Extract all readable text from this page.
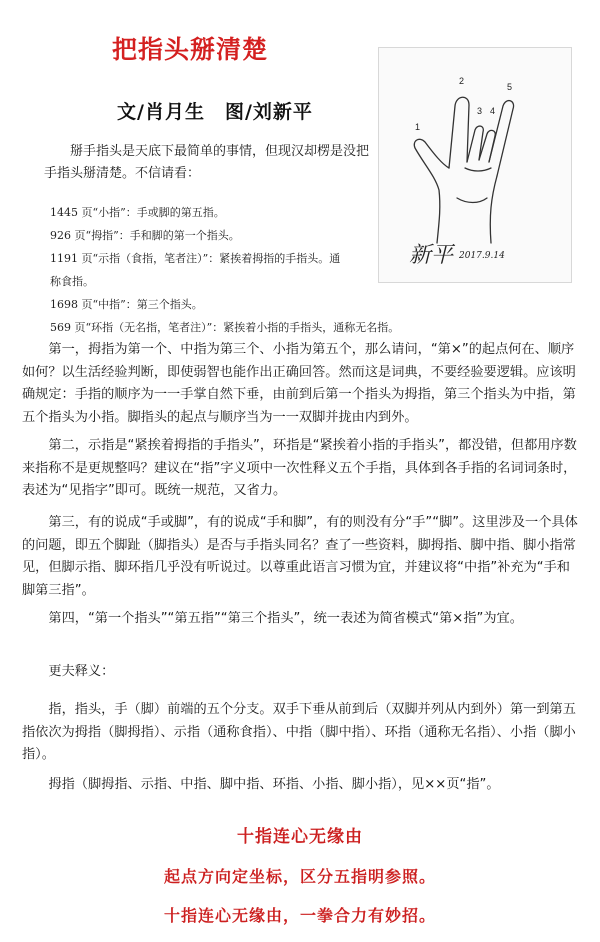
把指头掰清楚
文/肖月生　图/刘新平
掰手指头是天底下最简单的事情，但现汉却楞是没把手指头掰清楚。不信请看：
1445 页“小指”：手或脚的第五指。
926 页“拇指”：手和脚的第一个指头。
1191 页“示指（食指，笔者注）”：紧挨着拇指的手指头。通称食指。
1698 页“中指”：第三个指头。
569 页“环指（无名指，笔者注）”：紧挨着小指的手指头，通称无名指。
1
2
3 4
5
新平 2017.9.14

第一，拇指为第一个、中指为第三个、小指为第五个，那么请问，“第×”的起点何在、顺序如何？以生活经验判断，即使弱智也能作出正确回答。然而这是词典，不要经验要逻辑。应该明确规定：手指的顺序为一一手掌自然下垂，由前到后第一个指头为拇指，第三个指头为中指，第五个指头为小指。脚指头的起点与顺序当为一一双脚并拢由内到外。

第二，示指是“紧挨着拇指的手指头”，环指是“紧挨着小指的手指头”，都没错，但都用序数来指称不是更规整吗？建议在“指”字义项中一次性释义五个手指，具体到各手指的名词词条时，表述为“见指字”即可。既统一规范，又省力。

第三，有的说成“手或脚”，有的说成“手和脚”，有的则没有分“手”“脚”。这里涉及一个具体的问题，即五个脚趾（脚指头）是否与手指头同名？查了一些资料，脚拇指、脚中指、脚小指常见，但脚示指、脚环指几乎没有听说过。以尊重此语言习惯为宜，并建议将“中指”补充为“手和脚第三指”。

第四，“第一个指头”“第五指”“第三个指头”，统一表述为简省模式“第×指”为宜。

更夫释义：

指，指头，手（脚）前端的五个分支。双手下垂从前到后（双脚并列从内到外）第一到第五指依次为拇指（脚拇指）、示指（通称食指）、中指（脚中指）、环指（通称无名指）、小指（脚小指）。

拇指（脚拇指、示指、中指、脚中指、环指、小指、脚小指），见××页“指”。

十指连心无缘由
起点方向定坐标，区分五指明参照。
十指连心无缘由，一拳合力有妙招。
